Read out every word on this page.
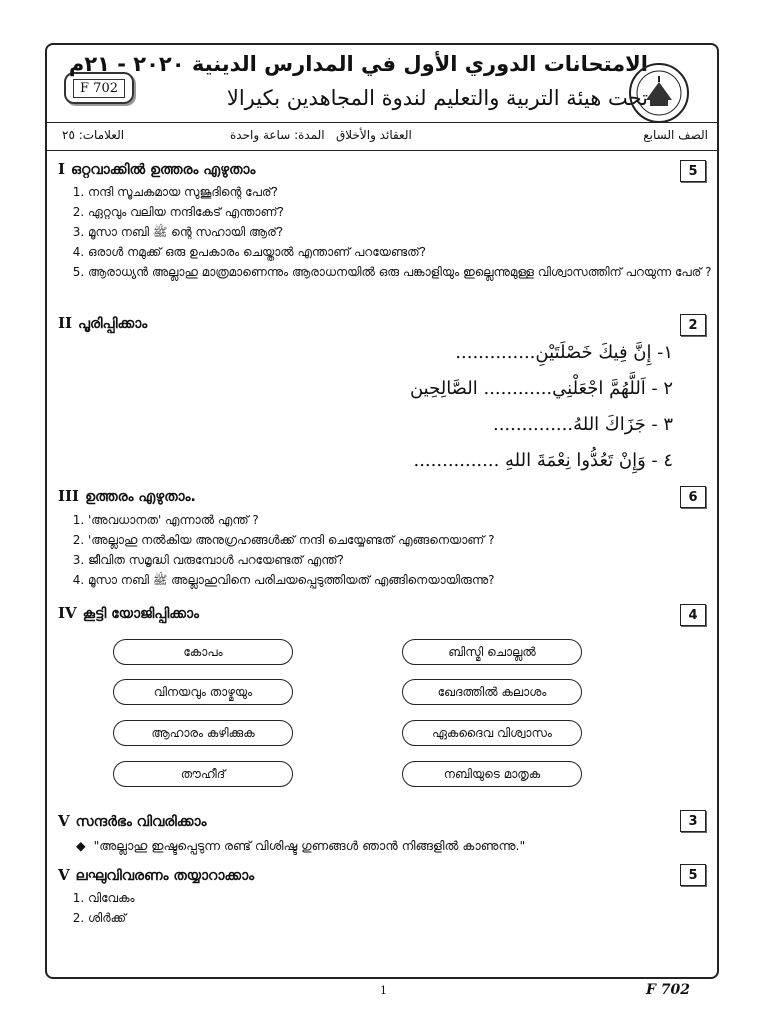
F 702
الامتحانات الدوري الأول في المدارس الدينية ٢٠٢٠ - ٢١م
تحت هيئة التربية والتعليم لندوة المجاهدين بكيرالا
الصف السابع
العقائد والأخلاق
المدة: ساعة واحدة
العلامات: ٢٥
I ഒറ്റവാക്കിൽ ഉത്തരം എഴുതാം	5
1. നന്ദി സൂചകമായ സുജൂദിന്റെ പേര്?
2. ഏറ്റവും വലിയ നന്ദികേട് എന്താണ്?
3. മൂസാ നബി ﷺ ന്റെ സഹായി ആര്?
4. ഒരാൾ നമുക്ക് ഒരു ഉപകാരം ചെയ്താൽ എന്താണ് പറയേണ്ടത്?
5. ആരാധ്യൻ അല്ലാഹു മാത്രമാണെന്നും ആരാധനയിൽ ഒരു പങ്കാളിയും ഇല്ലെന്നുമുള്ള വിശ്വാസത്തിന് പറയുന്ന പേര് ?
II പൂരിപ്പിക്കാം	2
١- إِنَّ فِيكَ خَصْلَتَيْنِ..............
٢ - اَللَّهُمَّ اجْعَلْنِي............ الصَّالِحِين
٣ - جَزَاكَ اللهُ..............
٤ - وَإِنْ تَعُدُّوا نِعْمَةَ اللهِ ...............
III ഉത്തരം എഴുതാം.	6
1. 'അവധാനത' എന്നാൽ എന്ത് ?
2. 'അല്ലാഹു നൽകിയ അനുഗ്രഹങ്ങൾക്ക് നന്ദി ചെയ്യേണ്ടത് എങ്ങനെയാണ് ?
3. ജീവിത സമൃദ്ധി വരുമ്പോൾ പറയേണ്ടത് എന്ത്?
4. മൂസാ നബി ﷺ അല്ലാഹുവിനെ പരിചയപ്പെടുത്തിയത് എങ്ങിനെയായിരുന്നു?
IV കൂട്ടി യോജിപ്പിക്കാം	4
കോപം
വിനയവും താഴ്മയും
ആഹാരം കഴിക്കുക
തൗഹീദ്
ബിസ്മി ചൊല്ലൽ
ഖേദത്തിൽ കലാശം
ഏകദൈവ വിശ്വാസം
നബിയുടെ മാതൃക
V സന്ദർഭം വിവരിക്കാം	3
◆  "അല്ലാഹു ഇഷ്ടപ്പെടുന്ന രണ്ട് വിശിഷ്ട ഗുണങ്ങൾ ഞാൻ നിങ്ങളിൽ കാണുന്നു."
V ലഘുവിവരണം തയ്യാറാക്കാം	5
1. വിവേകം
2. ശിർക്ക്
1	F 702
